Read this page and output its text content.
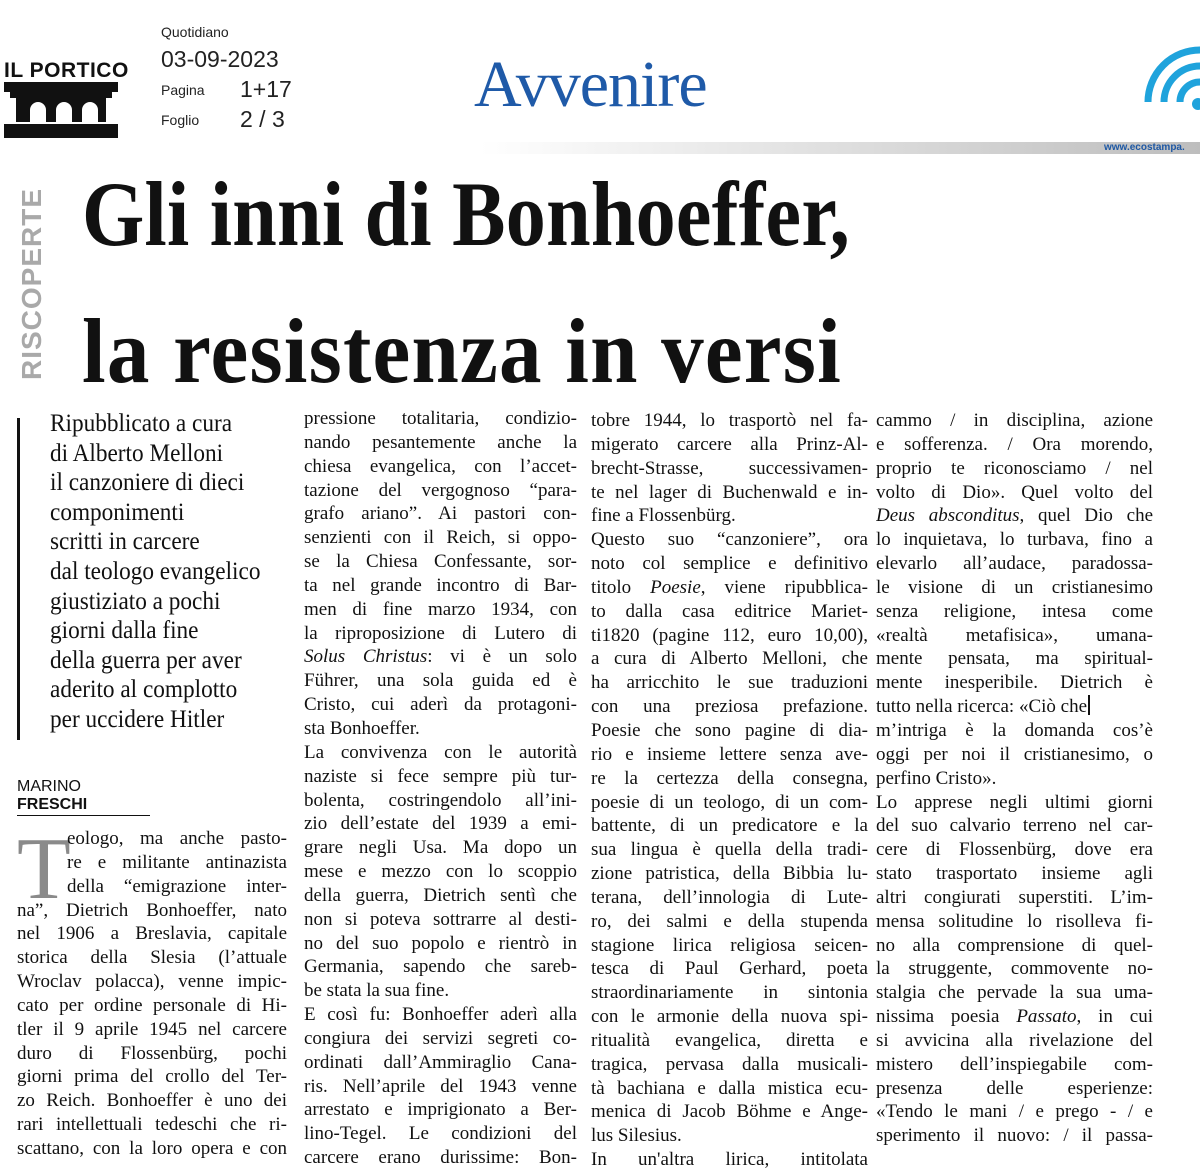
IL PORTICO
Quotidiano
03-09-2023
Pagina 1+17
Foglio 2 / 3	Avvenire
www.ecostampa.
RISCOPERTE Gli inni di Bonhoeffer,
la resistenza in versi
Ripubblicato a cura
di Alberto Melloni
il canzoniere di dieci
componimenti
scritti in carcere
dal teologo evangelico
giustiziato a pochi
giorni dalla fine
della guerra per aver
aderito al complotto
per uccidere Hitler
MARINO FRESCHI
T
eologo, ma anche pasto-
re e militante antinazista
della “emigrazione inter-
na”, Dietrich Bonhoeffer, nato
nel 1906 a Breslavia, capitale
storica della Slesia (l’attuale
Wroclav polacca), venne impic-
cato per ordine personale di Hi-
tler il 9 aprile 1945 nel carcere
duro di Flossenbürg, pochi
giorni prima del crollo del Ter-
zo Reich. Bonhoeffer è uno dei
rari intellettuali tedeschi che ri-
scattano, con la loro opera e con
pressione totalitaria, condizio-
nando pesantemente anche la
chiesa evangelica, con l’accet-
tazione del vergognoso “para-
grafo ariano”. Ai pastori con-
senzienti con il Reich, si oppo-
se la Chiesa Confessante, sor-
ta nel grande incontro di Bar-
men di fine marzo 1934, con
la riproposizione di Lutero di
Solus Christus: vi è un solo
Führer, una sola guida ed è
Cristo, cui aderì da protagoni-
sta Bonhoeffer.
La convivenza con le autorità
naziste si fece sempre più tur-
bolenta, costringendolo all’ini-
zio dell’estate del 1939 a emi-
grare negli Usa. Ma dopo un
mese e mezzo con lo scoppio
della guerra, Dietrich sentì che
non si poteva sottrarre al desti-
no del suo popolo e rientrò in
Germania, sapendo che sareb-
be stata la sua fine.
E così fu: Bonhoeffer aderì alla
congiura dei servizi segreti co-
ordinati dall’Ammiraglio Cana-
ris. Nell’aprile del 1943 venne
arrestato e imprigionato a Ber-
lino-Tegel. Le condizioni del
carcere erano durissime: Bon-
tobre 1944, lo trasportò nel fa-
migerato carcere alla Prinz-Al-
brecht-Strasse, successivamen-
te nel lager di Buchenwald e in-
fine a Flossenbürg.
Questo suo “canzoniere”, ora
noto col semplice e definitivo
titolo Poesie, viene ripubblica-
to dalla casa editrice Mariet-
ti1820 (pagine 112, euro 10,00),
a cura di Alberto Melloni, che
ha arricchito le sue traduzioni
con una preziosa prefazione.
Poesie che sono pagine di dia-
rio e insieme lettere senza ave-
re la certezza della consegna,
poesie di un teologo, di un com-
battente, di un predicatore e la
sua lingua è quella della tradi-
zione patristica, della Bibbia lu-
terana, dell’innologia di Lute-
ro, dei salmi e della stupenda
stagione lirica religiosa seicen-
tesca di Paul Gerhard, poeta
straordinariamente in sintonia
con le armonie della nuova spi-
ritualità evangelica, diretta e
tragica, pervasa dalla musicali-
tà bachiana e dalla mistica ecu-
menica di Jacob Böhme e Ange-
lus Silesius.
In un'altra lirica, intitolata
cammo / in disciplina, azione
e sofferenza. / Ora morendo,
proprio te riconosciamo / nel
volto di Dio». Quel volto del
Deus absconditus, quel Dio che
lo inquietava, lo turbava, fino a
elevarlo all’audace, paradossa-
le visione di un cristianesimo
senza religione, intesa come
«realtà metafisica», umana-
mente pensata, ma spiritual-
mente inesperibile. Dietrich è
tutto nella ricerca: «Ciò che
m’intriga è la domanda cos’è
oggi per noi il cristianesimo, o
perfino Cristo».
Lo apprese negli ultimi giorni
del suo calvario terreno nel car-
cere di Flossenbürg, dove era
stato trasportato insieme agli
altri congiurati superstiti. L’im-
mensa solitudine lo risolleva fi-
no alla comprensione di quel-
la struggente, commovente no-
stalgia che pervade la sua uma-
nissima poesia Passato, in cui
si avvicina alla rivelazione del
mistero dell’inspiegabile com-
presenza delle esperienze:
«Tendo le mani / e prego - / e
sperimento il nuovo: / il passa-
